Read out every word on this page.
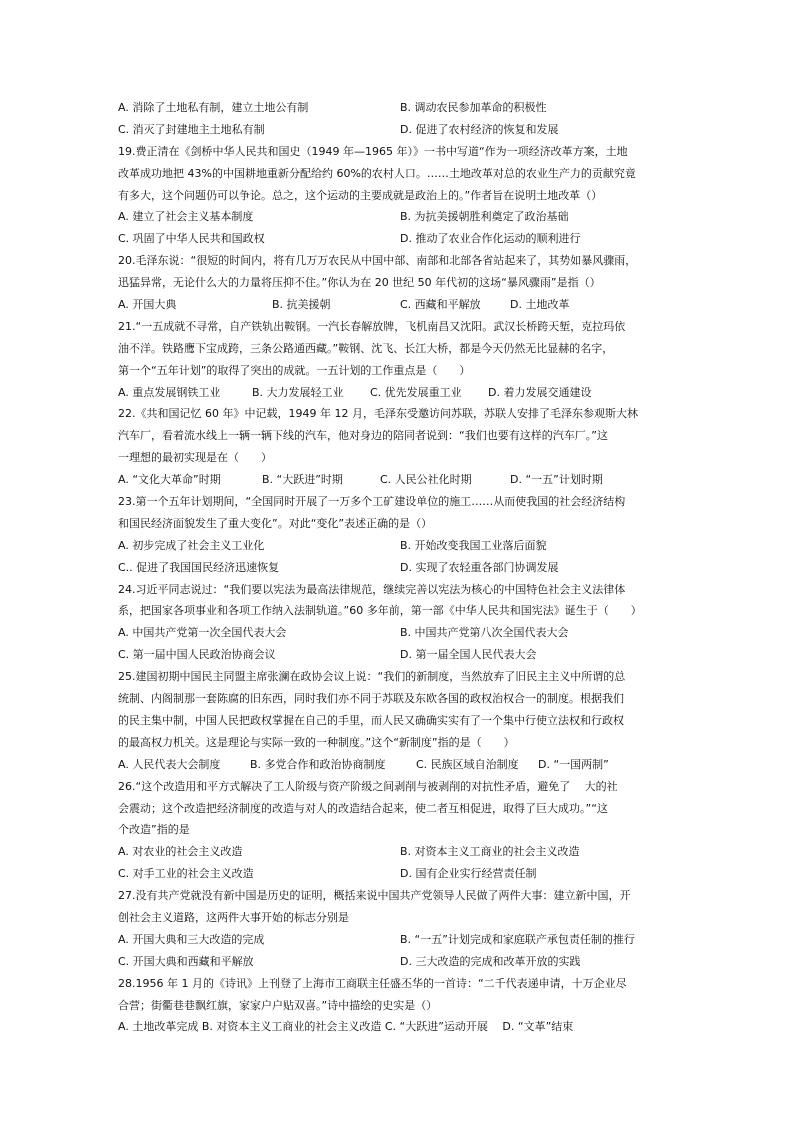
A. 消除了土地私有制，建立土地公有制	B. 调动农民参加革命的积极性
C. 消灭了封建地主土地私有制	D. 促进了农村经济的恢复和发展
19.费正清在《剑桥中华人民共和国史（1949 年—1965 年）》一书中写道“作为一项经济改革方案，土地
改革成功地把 43%的中国耕地重新分配给约 60%的农村人口。……土地改革对总的农业生产力的贡献究竟
有多大，这个问题仍可以争论。总之，这个运动的主要成就是政治上的。”作者旨在说明土地改革（）
A. 建立了社会主义基本制度	B. 为抗美援朝胜利奠定了政治基础
C. 巩固了中华人民共和国政权	D. 推动了农业合作化运动的顺利进行
20.毛泽东说：“很短的时间内，将有几万万农民从中国中部、南部和北部各省站起来了，其势如暴风骤雨，
迅猛异常，无论什么大的力量将压抑不住。”你认为在 20 世纪 50 年代初的这场“暴风骤雨”是指（）
A. 开国大典	B. 抗美援朝	C. 西藏和平解放	D. 土地改革
21.“一五成就不寻常，自产铁轨出鞍钢。一汽长春解放牌，飞机南昌又沈阳。武汉长桥跨天堑，克拉玛依
油不洋。铁路鹰下宝成跨，三条公路通西藏。”鞍钢、沈飞、长江大桥，都是今天仍然无比显赫的名字，
第一个“五年计划”的取得了突出的成就。一五计划的工作重点是（　　）
A. 重点发展钢铁工业	B. 大力发展轻工业 C. 优先发展重工业 D. 着力发展交通建设
22.《共和国记忆 60 年》中记载，1949 年 12 月，毛泽东受邀访问苏联，苏联人安排了毛泽东参观斯大林
汽车厂，看着流水线上一辆一辆下线的汽车，他对身边的陪同者说到：“我们也要有这样的汽车厂。”这
一理想的最初实现是在（　　）
A. “文化大革命”时期	B. “大跃进”时期	C. 人民公社化时期	D. “一五”计划时期
23.第一个五年计划期间，“全国同时开展了一万多个工矿建设单位的施工……从而使我国的社会经济结构
和国民经济面貌发生了重大变化”。对此“变化”表述正确的是（）
A. 初步完成了社会主义工业化	B. 开始改变我国工业落后面貌
C.. 促进了我国国民经济迅速恢复	D. 实现了农轻重各部门协调发展
24.习近平同志说过：“我们要以宪法为最高法律规范，继续完善以宪法为核心的中国特色社会主义法律体
系，把国家各项事业和各项工作纳入法制轨道。”60 多年前，第一部《中华人民共和国宪法》诞生于（　　）
A. 中国共产党第一次全国代表大会	B. 中国共产党第八次全国代表大会
C. 第一届中国人民政治协商会议	D. 第一届全国人民代表大会
25.建国初期中国民主同盟主席张澜在政协会议上说：“我们的新制度，当然放弃了旧民主主义中所谓的总
统制、内阁制那一套陈腐的旧东西，同时我们亦不同于苏联及东欧各国的政权治权合一的制度。根据我们
的民主集中制，中国人民把政权掌握在自己的手里，而人民又确确实实有了一个集中行使立法权和行政权
的最高权力机关。这是理论与实际一致的一种制度。”这个“新制度”指的是（　　）
A. 人民代表大会制度	B. 多党合作和政治协商制度	C. 民族区域自治制度 D. “一国两制”
26.“这个改造用和平方式解决了工人阶级与资产阶级之间剥削与被剥削的对抗性矛盾，避免了　 大的社
会震动；这个改造把经济制度的改造与对人的改造结合起来，使二者互相促进，取得了巨大成功。”“这
个改造”指的是
A. 对农业的社会主义改造	B. 对资本主义工商业的社会主义改造
C. 对手工业的社会主义改造	D. 国有企业实行经营责任制
27.没有共产党就没有新中国是历史的证明，概括来说中国共产党领导人民做了两件大事：建立新中国，开
创社会主义道路，这两件大事开始的标志分别是
A. 开国大典和三大改造的完成	B. “一五”计划完成和家庭联产承包责任制的推行
C. 开国大典和西藏和平解放	D. 三大改造的完成和改革开放的实践
28.1956 年 1 月的《诗讯》上刊登了上海市工商联主任盛丕华的一首诗：“二千代表递申请，十万企业尽
合营；街衢巷巷飘红旗，家家户户贴双喜。”诗中描绘的史实是（）
A. 土地改革完成 B. 对资本主义工商业的社会主义改造 C. “大跃进”运动开展　 D. “文革”结束
